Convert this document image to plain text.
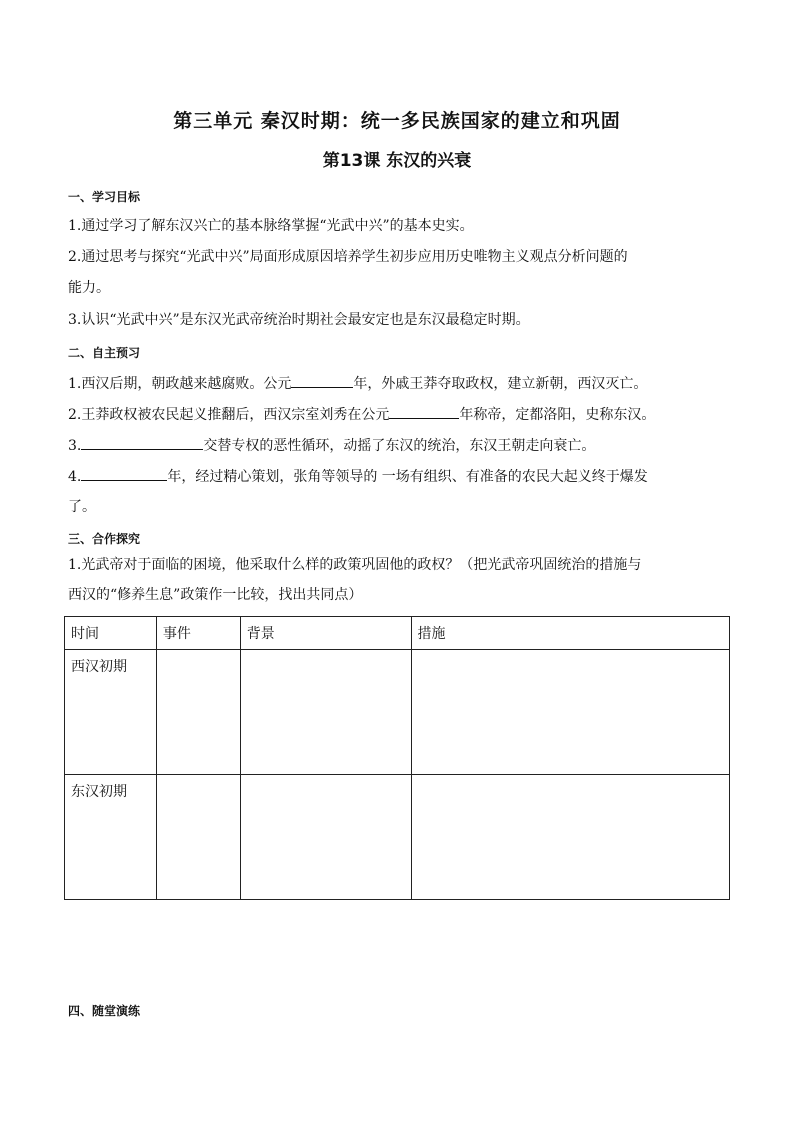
第三单元 秦汉时期：统一多民族国家的建立和巩固
第13课 东汉的兴衰
一、学习目标
1.通过学习了解东汉兴亡的基本脉络掌握“光武中兴”的基本史实。
2.通过思考与探究“光武中兴”局面形成原因培养学生初步应用历史唯物主义观点分析问题的
能力。
3.认识“光武中兴”是东汉光武帝统治时期社会最安定也是东汉最稳定时期。
二、自主预习
1.西汉后期，朝政越来越腐败。公元	年，外戚王莽夺取政权，建立新朝，西汉灭亡。
2.王莽政权被农民起义推翻后，西汉宗室刘秀在公元	年称帝，定都洛阳，史称东汉。
3.	交替专权的恶性循环，动摇了东汉的统治，东汉王朝走向衰亡。
4.	年，经过精心策划，张角等领导的 一场有组织、有准备的农民大起义终于爆发
了。
三、合作探究
1.光武帝对于面临的困境，他采取什么样的政策巩固他的政权？（把光武帝巩固统治的措施与
西汉的“修养生息”政策作一比较，找出共同点）
时间	事件	背景	措施
西汉初期			
东汉初期			
四、随堂演练
